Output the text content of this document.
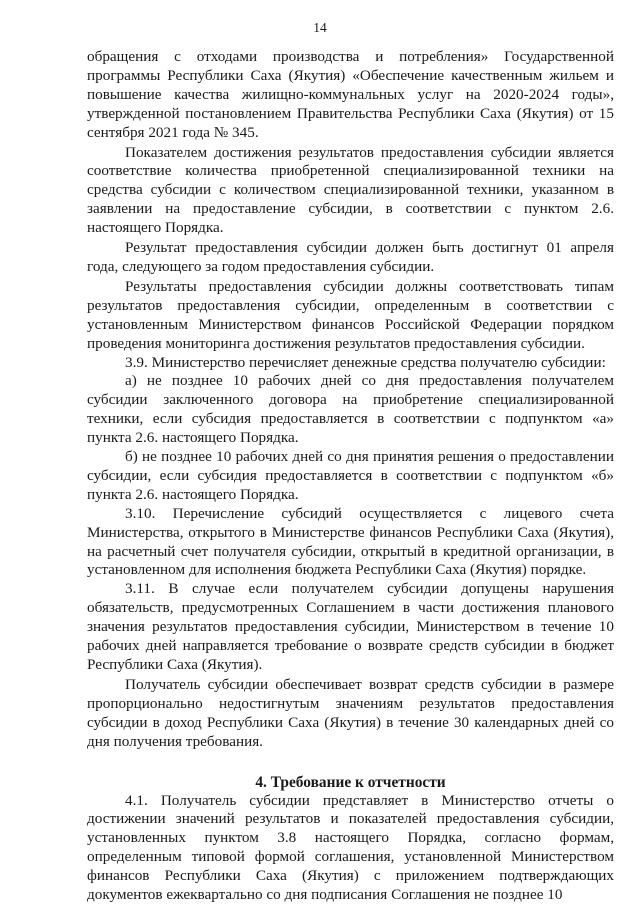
14

обращения с отходами производства и потребления» Государственной программы Республики Саха (Якутия) «Обеспечение качественным жильем и повышение качества жилищно-коммунальных услуг на 2020-2024 годы», утвержденной постановлением Правительства Республики Саха (Якутия) от 15 сентября 2021 года № 345.

Показателем достижения результатов предоставления субсидии является соответствие количества приобретенной специализированной техники на средства субсидии с количеством специализированной техники, указанном в заявлении на предоставление субсидии, в соответствии с пунктом 2.6. настоящего Порядка.

Результат предоставления субсидии должен быть достигнут 01 апреля года, следующего за годом предоставления субсидии.

Результаты предоставления субсидии должны соответствовать типам результатов предоставления субсидии, определенным в соответствии с установленным Министерством финансов Российской Федерации порядком проведения мониторинга достижения результатов предоставления субсидии.

3.9. Министерство перечисляет денежные средства получателю субсидии:

а) не позднее 10 рабочих дней со дня предоставления получателем субсидии заключенного договора на приобретение специализированной техники, если субсидия предоставляется в соответствии с подпунктом «а» пункта 2.6. настоящего Порядка.

б) не позднее 10 рабочих дней со дня принятия решения о предоставлении субсидии, если субсидия предоставляется в соответствии с подпунктом «б» пункта 2.6. настоящего Порядка.

3.10. Перечисление субсидий осуществляется с лицевого счета Министерства, открытого в Министерстве финансов Республики Саха (Якутия), на расчетный счет получателя субсидии, открытый в кредитной организации, в установленном для исполнения бюджета Республики Саха (Якутия) порядке.

3.11. В случае если получателем субсидии допущены нарушения обязательств, предусмотренных Соглашением в части достижения планового значения результатов предоставления субсидии, Министерством в течение 10 рабочих дней направляется требование о возврате средств субсидии в бюджет Республики Саха (Якутия).

Получатель субсидии обеспечивает возврат средств субсидии в размере пропорционально недостигнутым значениям результатов предоставления субсидии в доход Республики Саха (Якутия) в течение 30 календарных дней со дня получения требования.

4. Требование к отчетности

4.1. Получатель субсидии представляет в Министерство отчеты о достижении значений результатов и показателей предоставления субсидии, установленных пунктом 3.8 настоящего Порядка, согласно формам, определенным типовой формой соглашения, установленной Министерством финансов Республики Саха (Якутия) с приложением подтверждающих документов ежеквартально со дня подписания Соглашения не позднее 10
